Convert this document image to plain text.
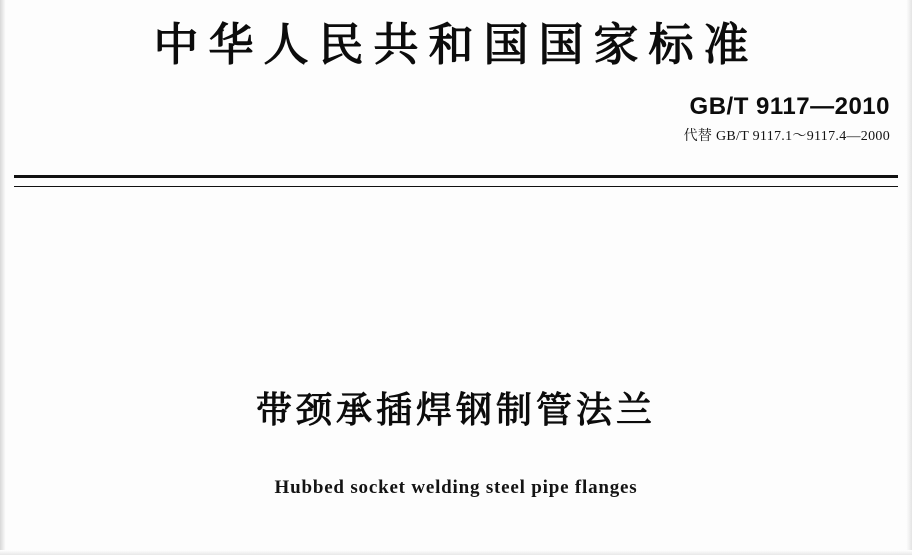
中华人民共和国国家标准
GB/T 9117—2010
代替 GB/T 9117.1～9117.4—2000
带颈承插焊钢制管法兰
Hubbed socket welding steel pipe flanges
